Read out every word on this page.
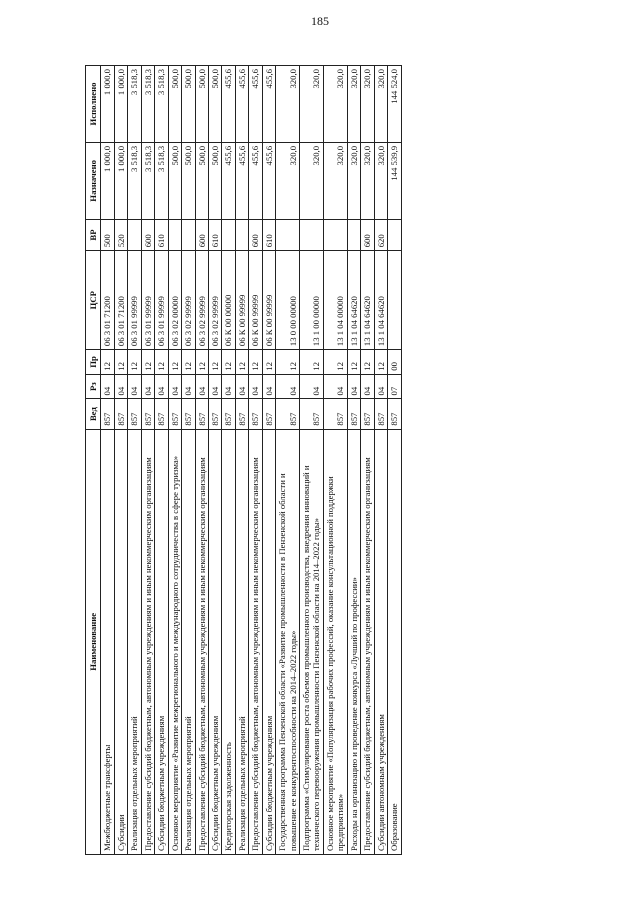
185
Наименование	Вед	Рз	Пр	ЦСР	ВР	Назначено	Исполнено
Межбюджетные трансферты	857	04	12	06 3 01 71200	500	1 000,0	1 000,0
Субсидии	857	04	12	06 3 01 71200	520	1 000,0	1 000,0
Реализация отдельных мероприятий	857	04	12	06 3 01 99999		3 518,3	3 518,3
Предоставление субсидий бюджетным, автономным учреждениям и иным некоммерческим организациям	857	04	12	06 3 01 99999	600	3 518,3	3 518,3
Субсидии бюджетным учреждениям	857	04	12	06 3 01 99999	610	3 518,3	3 518,3
Основное мероприятие «Развитие межрегионального и международного сотрудничества в сфере туризма»	857	04	12	06 3 02 00000		500,0	500,0
Реализация отдельных мероприятий	857	04	12	06 3 02 99999		500,0	500,0
Предоставление субсидий бюджетным, автономным учреждениям и иным некоммерческим организациям	857	04	12	06 3 02 99999	600	500,0	500,0
Субсидии бюджетным учреждениям	857	04	12	06 3 02 99999	610	500,0	500,0
Кредиторская задолженность	857	04	12	06 К 00 00000		455,6	455,6
Реализация отдельных мероприятий	857	04	12	06 К 00 99999		455,6	455,6
Предоставление субсидий бюджетным, автономным учреждениям и иным некоммерческим организациям	857	04	12	06 К 00 99999	600	455,6	455,6
Субсидии бюджетным учреждениям	857	04	12	06 К 00 99999	610	455,6	455,6
Государственная программа Пензенской области «Развитие промышленности в Пензенской области и повышение ее конкурентоспособности на 2014–2022 годы»	857	04	12	13 0 00 00000		320,0	320,0
Подпрограмма «Стимулирование роста объемов промышленного производства, внедрения инноваций и технического перевооружения промышленности Пензенской области на 2014–2022 годы»	857	04	12	13 1 00 00000		320,0	320,0
Основное мероприятие «Популяризация рабочих профессий, оказание консультационной поддержки предприятиям»	857	04	12	13 1 04 00000		320,0	320,0
Расходы на организацию и проведение конкурса «Лучший по профессии»	857	04	12	13 1 04 64620		320,0	320,0
Предоставление субсидий бюджетным, автономным учреждениям и иным некоммерческим организациям	857	04	12	13 1 04 64620	600	320,0	320,0
Субсидии автономным учреждениям	857	04	12	13 1 04 64620	620	320,0	320,0
Образование	857	07	00			144 539,9	144 524,0
